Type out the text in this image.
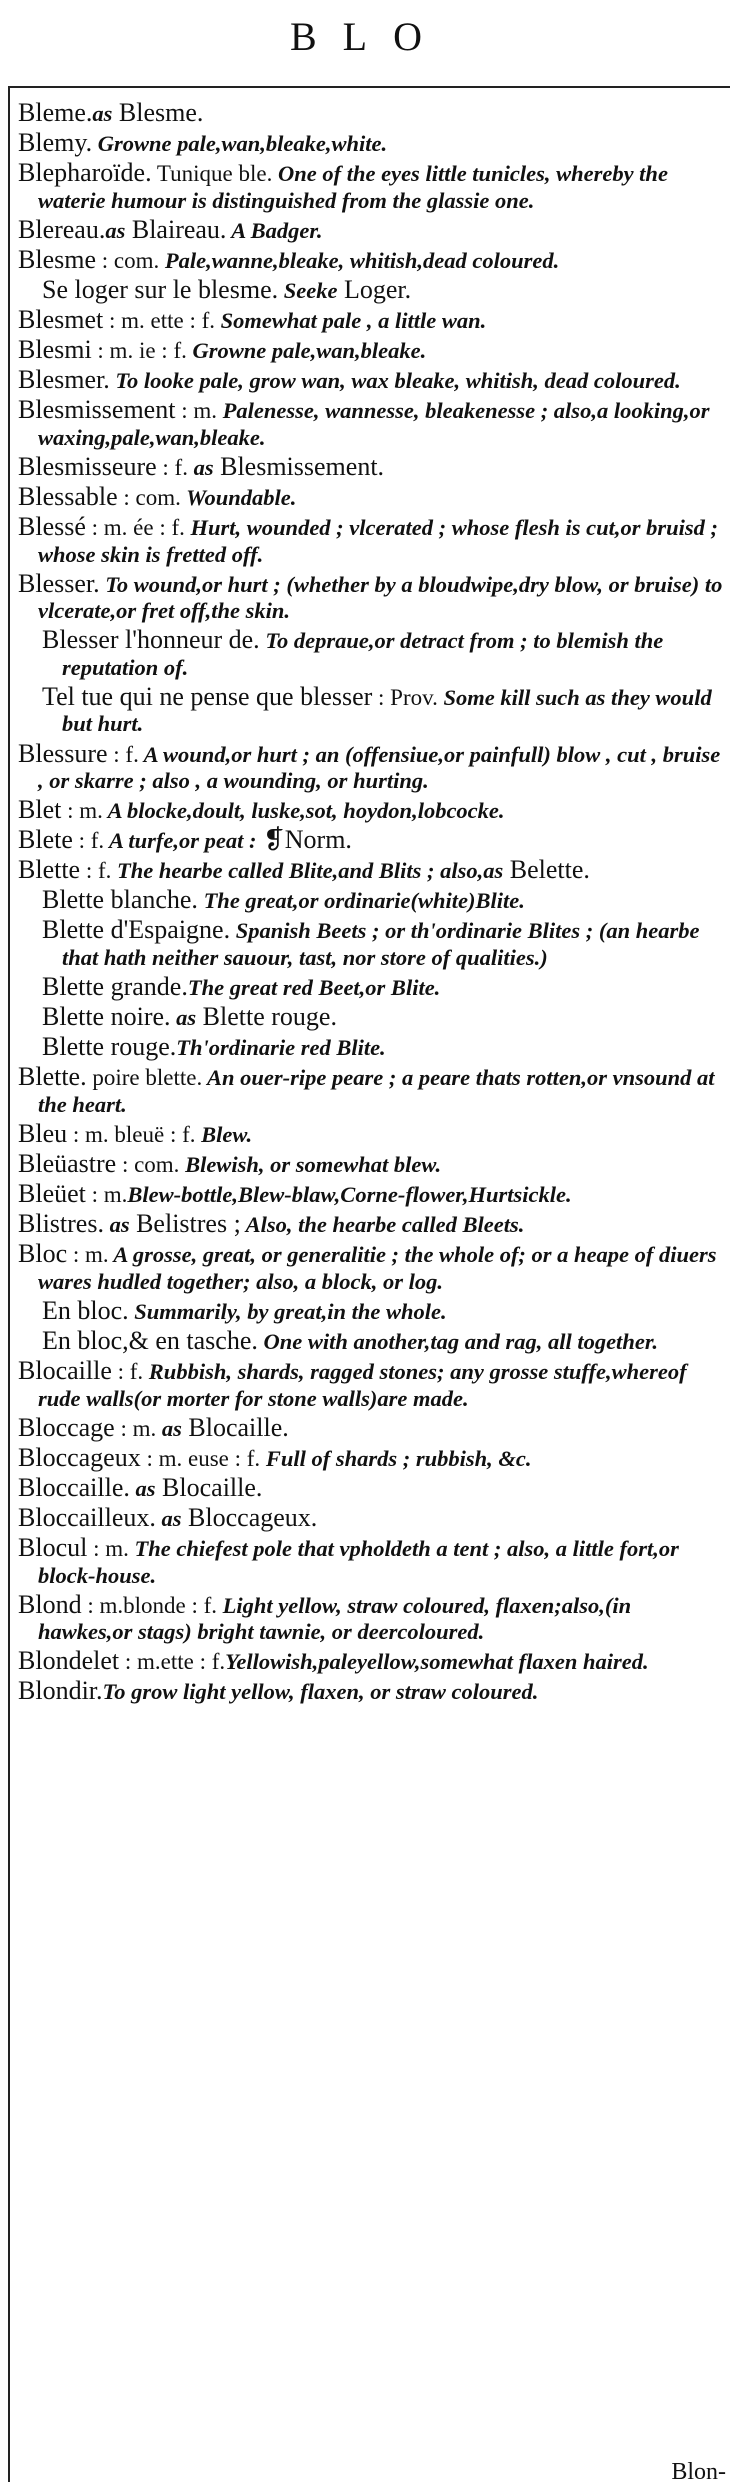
BLO
Bleme.as Blesme.
Blemy. Growne pale,wan,bleake,white.
Blepharoïde. Tunique ble. One of the eyes little tunicles, whereby the waterie humour is distinguished from the glassie one.
Blereau.as Blaireau. A Badger.
Blesme : com. Pale,wanne,bleake, whitish,dead coloured.
Se loger sur le blesme. Seeke Loger.
Blesmet : m. ette : f. Somewhat pale , a little wan.
Blesmi : m. ie : f. Growne pale,wan,bleake.
Blesmer. To looke pale, grow wan, wax bleake, whitish, dead coloured.
Blesmissement : m. Palenesse, wannesse, bleakenesse ; also,a looking,or waxing,pale,wan,bleake.
Blesmisseure : f. as Blesmissement.
Blessable : com. Woundable.
Blessé : m. ée : f. Hurt, wounded ; vlcerated ; whose flesh is cut,or bruisd ; whose skin is fretted off.
Blesser. To wound,or hurt ; (whether by a bloudwipe,dry blow, or bruise) to vlcerate,or fret off,the skin.
Blesser l'honneur de. To depraue,or detract from ; to blemish the reputation of.
Tel tue qui ne pense que blesser : Prov. Some kill such as they would but hurt.
Blessure : f. A wound,or hurt ; an (offensiue,or painfull) blow , cut , bruise , or skarre ; also , a wounding, or hurting.
Blet : m. A blocke,doult, luske,sot, hoydon,lobcocke.
Blete : f. A turfe,or peat : ❡Norm.
Blette : f. The hearbe called Blite,and Blits ; also,as Belette.
Blette blanche. The great,or ordinarie(white)Blite.
Blette d'Espaigne. Spanish Beets ; or th'ordinarie Blites ; (an hearbe that hath neither sauour, tast, nor store of qualities.)
Blette grande.The great red Beet,or Blite.
Blette noire. as Blette rouge.
Blette rouge.Th'ordinarie red Blite.
Blette. poire blette. An ouer-ripe peare ; a peare thats rotten,or vnsound at the heart.
Bleu : m. bleuë : f. Blew.
Bleüastre : com. Blewish, or somewhat blew.
Bleüet : m.Blew-bottle,Blew-blaw,Corne-flower,Hurtsickle.
Blistres. as Belistres ; Also, the hearbe called Bleets.
Bloc : m. A grosse, great, or generalitie ; the whole of; or a heape of diuers wares hudled together; also, a block, or log.
En bloc. Summarily, by great,in the whole.
En bloc,& en tasche. One with another,tag and rag, all together.
Blocaille : f. Rubbish, shards, ragged stones; any grosse stuffe,whereof rude walls(or morter for stone walls)are made.
Bloccage : m. as Blocaille.
Bloccageux : m. euse : f. Full of shards ; rubbish, &c.
Bloccaille. as Blocaille.
Bloccailleux. as Bloccageux.
Blocul : m. The chiefest pole that vpholdeth a tent ; also, a little fort,or block-house.
Blond : m.blonde : f. Light yellow, straw coloured, flaxen;also,(in hawkes,or stags) bright tawnie, or deercoloured.
Blondelet : m.ette : f.Yellowish,paleyellow,somewhat flaxen haired.
Blondir.To grow light yellow, flaxen, or straw coloured.
Blon-
